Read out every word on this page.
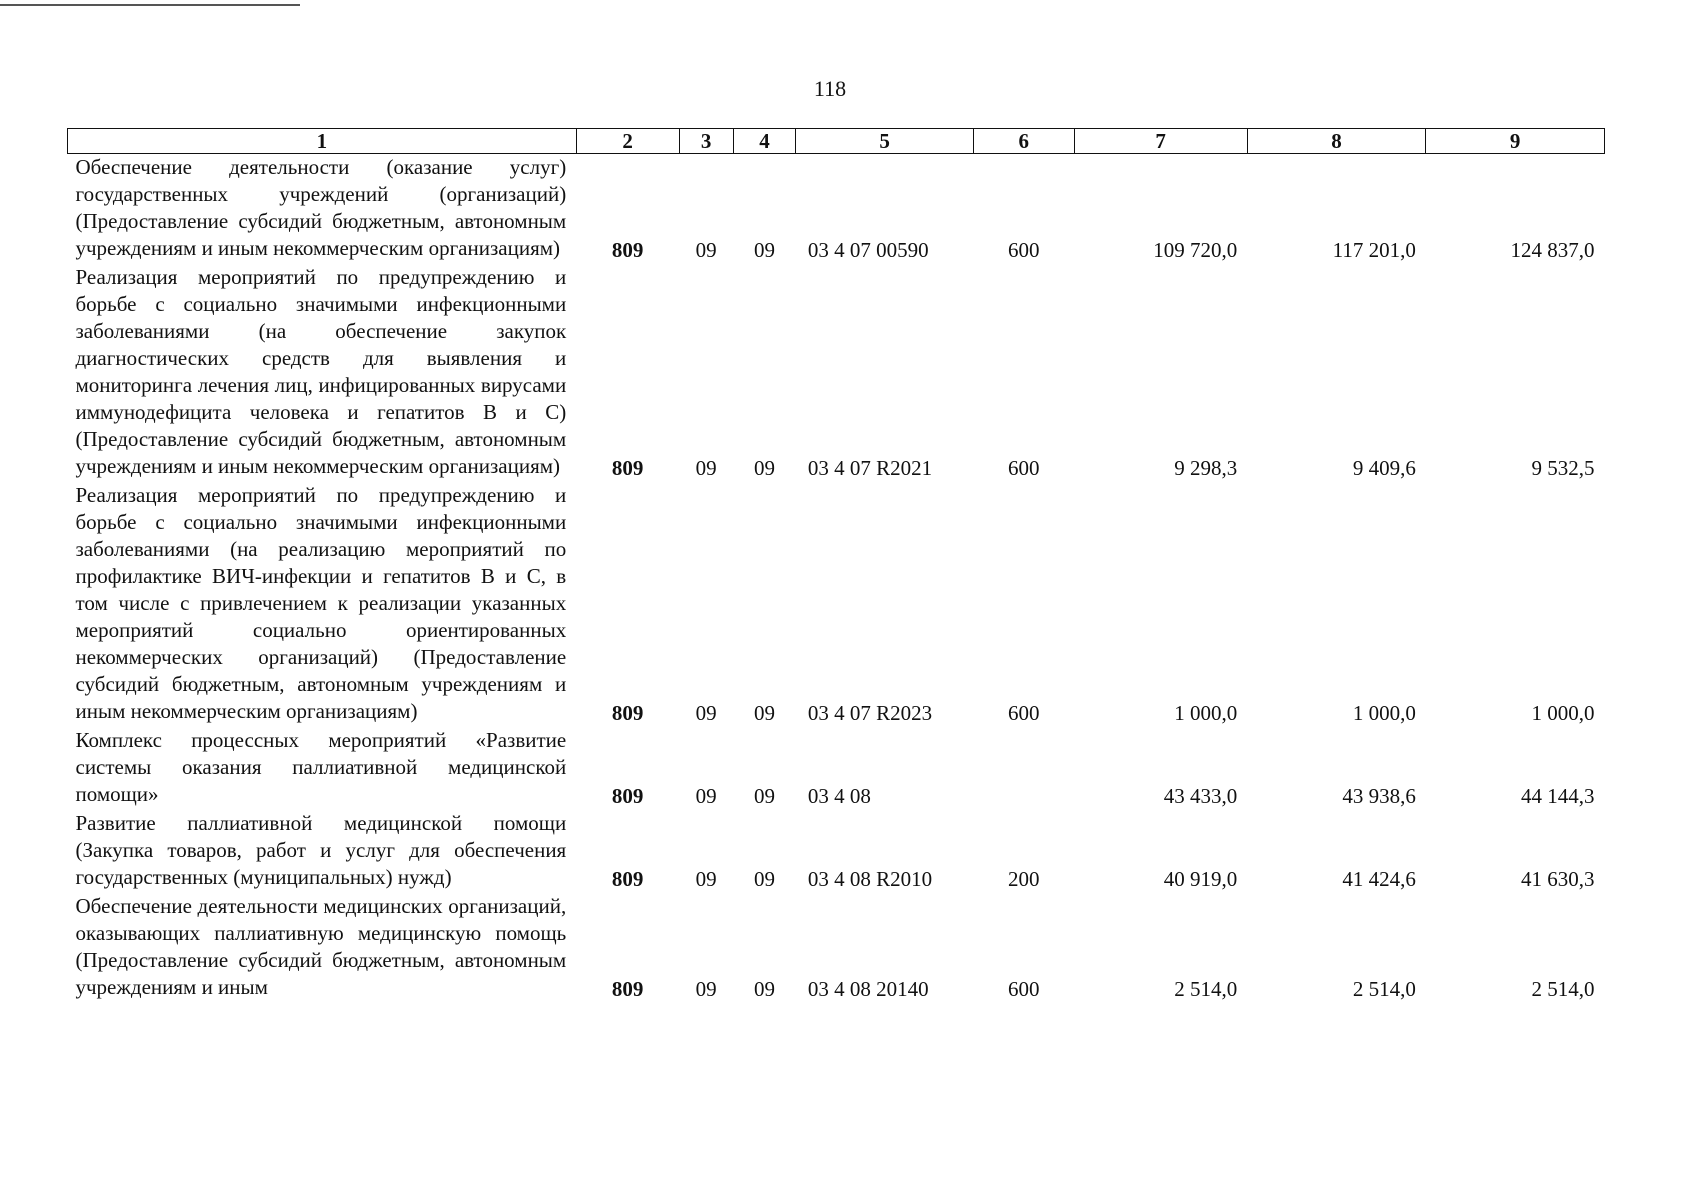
118
1	2	3	4	5	6	7	8	9
Обеспечение деятельности (оказание услуг) государственных учреждений (организаций) (Предоставление субсидий бюджетным, автономным учреждениям и иным некоммерческим организациям)	809	09	09	03 4 07 00590	600	109 720,0	117 201,0	124 837,0
Реализация мероприятий по предупреждению и борьбе с социально значимыми инфекционными заболеваниями (на обеспечение закупок диагностических средств для выявления и мониторинга лечения лиц, инфицированных вирусами иммунодефицита человека и гепатитов В и С) (Предоставление субсидий бюджетным, автономным учреждениям и иным некоммерческим организациям)	809	09	09	03 4 07 R2021	600	9 298,3	9 409,6	9 532,5
Реализация мероприятий по предупреждению и борьбе с социально значимыми инфекционными заболеваниями (на реализацию мероприятий по профилактике ВИЧ-инфекции и гепатитов В и С, в том числе с привлечением к реализации указанных мероприятий социально ориентированных некоммерческих организаций) (Предоставление субсидий бюджетным, автономным учреждениям и иным некоммерческим организациям)	809	09	09	03 4 07 R2023	600	1 000,0	1 000,0	1 000,0
Комплекс процессных мероприятий «Развитие системы оказания паллиативной медицинской помощи»	809	09	09	03 4 08		43 433,0	43 938,6	44 144,3
Развитие паллиативной медицинской помощи (Закупка товаров, работ и услуг для обеспечения государственных (муниципальных) нужд)	809	09	09	03 4 08 R2010	200	40 919,0	41 424,6	41 630,3
Обеспечение деятельности медицинских организаций, оказывающих паллиативную медицинскую помощь (Предоставление субсидий бюджетным, автономным учреждениям и иным	809	09	09	03 4 08 20140	600	2 514,0	2 514,0	2 514,0
